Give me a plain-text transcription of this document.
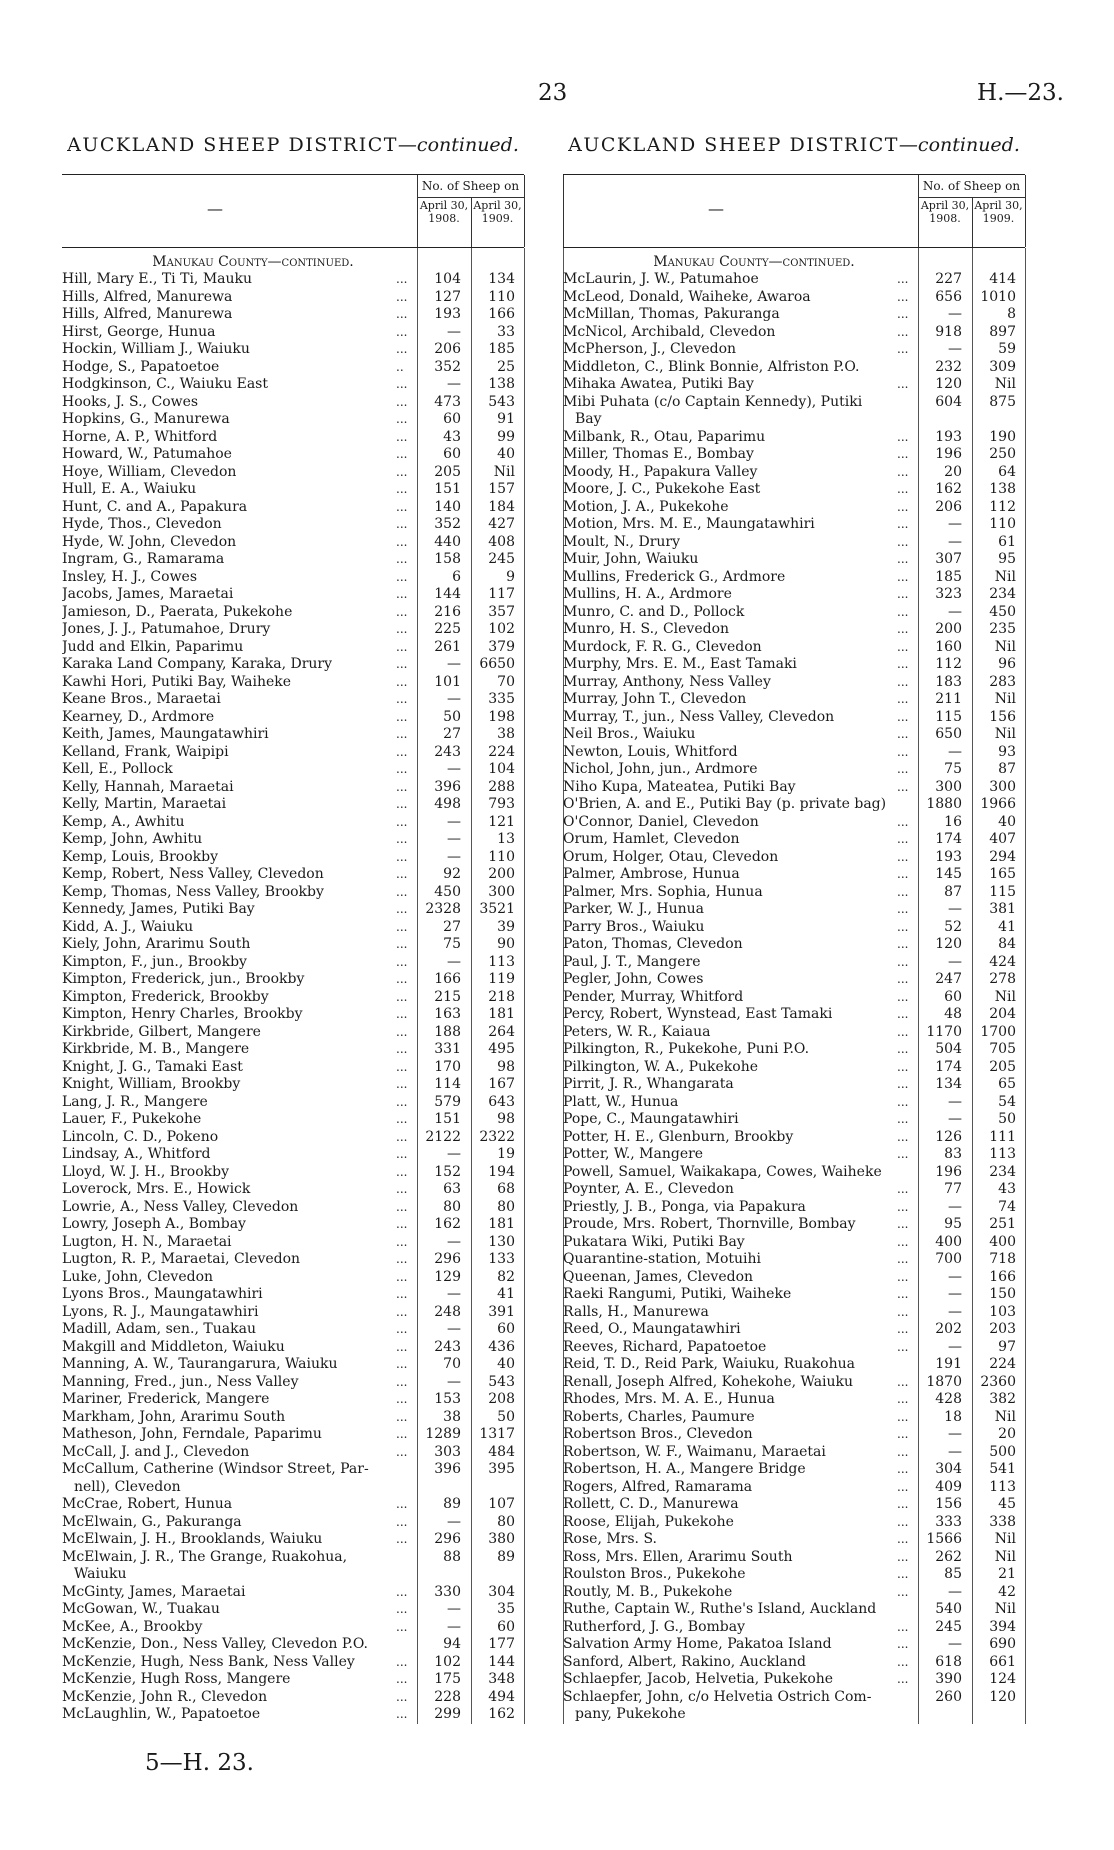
23	H.—23.
AUCKLAND SHEEP DISTRICT—continued.
—
No. of Sheep on
April 30, 1908.
April 30, 1909.
Manukau County—continued.
Hill, Mary E., Ti Ti, Mauku	...	104	134
Hills, Alfred, Manurewa	...	127	110
Hills, Alfred, Manurewa	...	193	166
Hirst, George, Hunua	...	—	33
Hockin, William J., Waiuku	...	206	185
Hodge, S., Papatoetoe	..	352	25
Hodgkinson, C., Waiuku East	...	—	138
Hooks, J. S., Cowes	...	473	543
Hopkins, G., Manurewa	...	60	91
Horne, A. P., Whitford	...	43	99
Howard, W., Patumahoe	...	60	40
Hoye, William, Clevedon	...	205	Nil
Hull, E. A., Waiuku	...	151	157
Hunt, C. and A., Papakura	...	140	184
Hyde, Thos., Clevedon	...	352	427
Hyde, W. John, Clevedon	...	440	408
Ingram, G., Ramarama	...	158	245
Insley, H. J., Cowes	...	6	9
Jacobs, James, Maraetai	...	144	117
Jamieson, D., Paerata, Pukekohe	...	216	357
Jones, J. J., Patumahoe, Drury	...	225	102
Judd and Elkin, Paparimu	...	261	379
Karaka Land Company, Karaka, Drury	...	—	6650
Kawhi Hori, Putiki Bay, Waiheke	...	101	70
Keane Bros., Maraetai	...	—	335
Kearney, D., Ardmore	...	50	198
Keith, James, Maungatawhiri	...	27	38
Kelland, Frank, Waipipi	...	243	224
Kell, E., Pollock	...	—	104
Kelly, Hannah, Maraetai	...	396	288
Kelly, Martin, Maraetai	...	498	793
Kemp, A., Awhitu	...	—	121
Kemp, John, Awhitu	...	—	13
Kemp, Louis, Brookby	...	—	110
Kemp, Robert, Ness Valley, Clevedon	...	92	200
Kemp, Thomas, Ness Valley, Brookby	...	450	300
Kennedy, James, Putiki Bay	...	2328	3521
Kidd, A. J., Waiuku	...	27	39
Kiely, John, Ararimu South	...	75	90
Kimpton, F., jun., Brookby	...	—	113
Kimpton, Frederick, jun., Brookby	...	166	119
Kimpton, Frederick, Brookby	...	215	218
Kimpton, Henry Charles, Brookby	...	163	181
Kirkbride, Gilbert, Mangere	...	188	264
Kirkbride, M. B., Mangere	...	331	495
Knight, J. G., Tamaki East	...	170	98
Knight, William, Brookby	...	114	167
Lang, J. R., Mangere	...	579	643
Lauer, F., Pukekohe	...	151	98
Lincoln, C. D., Pokeno	...	2122	2322
Lindsay, A., Whitford	...	—	19
Lloyd, W. J. H., Brookby	...	152	194
Loverock, Mrs. E., Howick	...	63	68
Lowrie, A., Ness Valley, Clevedon	...	80	80
Lowry, Joseph A., Bombay	...	162	181
Lugton, H. N., Maraetai	...	—	130
Lugton, R. P., Maraetai, Clevedon	...	296	133
Luke, John, Clevedon	...	129	82
Lyons Bros., Maungatawhiri	...	—	41
Lyons, R. J., Maungatawhiri	...	248	391
Madill, Adam, sen., Tuakau	...	—	60
Makgill and Middleton, Waiuku	...	243	436
Manning, A. W., Taurangarura, Waiuku	...	70	40
Manning, Fred., jun., Ness Valley	...	—	543
Mariner, Frederick, Mangere	...	153	208
Markham, John, Ararimu South	...	38	50
Matheson, John, Ferndale, Paparimu	...	1289	1317
McCall, J. and J., Clevedon	...	303	484
McCallum, Catherine (Windsor Street, Par-	396	395
nell), Clevedon
McCrae, Robert, Hunua	...	89	107
McElwain, G., Pakuranga	...	—	80
McElwain, J. H., Brooklands, Waiuku	...	296	380
McElwain, J. R., The Grange, Ruakohua,	88	89
Waiuku
McGinty, James, Maraetai	...	330	304
McGowan, W., Tuakau	...	—	35
McKee, A., Brookby	...	—	60
McKenzie, Don., Ness Valley, Clevedon P.O.	94	177
McKenzie, Hugh, Ness Bank, Ness Valley	...	102	144
McKenzie, Hugh Ross, Mangere	...	175	348
McKenzie, John R., Clevedon	...	228	494
McLaughlin, W., Papatoetoe	...	299	162
AUCKLAND SHEEP DISTRICT—continued.
—
No. of Sheep on
April 30, 1908.
April 30, 1909.
Manukau County—continued.
McLaurin, J. W., Patumahoe	...	227	414
McLeod, Donald, Waiheke, Awaroa	...	656	1010
McMillan, Thomas, Pakuranga	...	—	8
McNicol, Archibald, Clevedon	...	918	897
McPherson, J., Clevedon	...	—	59
Middleton, C., Blink Bonnie, Alfriston P.O.	232	309
Mihaka Awatea, Putiki Bay	...	120	Nil
Mibi Puhata (c/o Captain Kennedy), Putiki	604	875
Bay
Milbank, R., Otau, Paparimu	...	193	190
Miller, Thomas E., Bombay	...	196	250
Moody, H., Papakura Valley	...	20	64
Moore, J. C., Pukekohe East	...	162	138
Motion, J. A., Pukekohe	...	206	112
Motion, Mrs. M. E., Maungatawhiri	...	—	110
Moult, N., Drury	...	—	61
Muir, John, Waiuku	...	307	95
Mullins, Frederick G., Ardmore	...	185	Nil
Mullins, H. A., Ardmore	...	323	234
Munro, C. and D., Pollock	...	—	450
Munro, H. S., Clevedon	...	200	235
Murdock, F. R. G., Clevedon	...	160	Nil
Murphy, Mrs. E. M., East Tamaki	...	112	96
Murray, Anthony, Ness Valley	...	183	283
Murray, John T., Clevedon	...	211	Nil
Murray, T., jun., Ness Valley, Clevedon	...	115	156
Neil Bros., Waiuku	...	650	Nil
Newton, Louis, Whitford	...	—	93
Nichol, John, jun., Ardmore	...	75	87
Niho Kupa, Mateatea, Putiki Bay	...	300	300
O'Brien, A. and E., Putiki Bay (p. private bag)	1880	1966
O'Connor, Daniel, Clevedon	...	16	40
Orum, Hamlet, Clevedon	...	174	407
Orum, Holger, Otau, Clevedon	...	193	294
Palmer, Ambrose, Hunua	...	145	165
Palmer, Mrs. Sophia, Hunua	...	87	115
Parker, W. J., Hunua	...	—	381
Parry Bros., Waiuku	...	52	41
Paton, Thomas, Clevedon	...	120	84
Paul, J. T., Mangere	...	—	424
Pegler, John, Cowes	...	247	278
Pender, Murray, Whitford	...	60	Nil
Percy, Robert, Wynstead, East Tamaki	...	48	204
Peters, W. R., Kaiaua	...	1170	1700
Pilkington, R., Pukekohe, Puni P.O.	...	504	705
Pilkington, W. A., Pukekohe	...	174	205
Pirrit, J. R., Whangarata	...	134	65
Platt, W., Hunua	...	—	54
Pope, C., Maungatawhiri	...	—	50
Potter, H. E., Glenburn, Brookby	...	126	111
Potter, W., Mangere	...	83	113
Powell, Samuel, Waikakapa, Cowes, Waiheke	196	234
Poynter, A. E., Clevedon	...	77	43
Priestly, J. B., Ponga, via Papakura	...	—	74
Proude, Mrs. Robert, Thornville, Bombay	...	95	251
Pukatara Wiki, Putiki Bay	...	400	400
Quarantine-station, Motuihi	...	700	718
Queenan, James, Clevedon	...	—	166
Raeki Rangumi, Putiki, Waiheke	...	—	150
Ralls, H., Manurewa	...	—	103
Reed, O., Maungatawhiri	...	202	203
Reeves, Richard, Papatoetoe	...	—	97
Reid, T. D., Reid Park, Waiuku, Ruakohua	191	224
Renall, Joseph Alfred, Kohekohe, Waiuku	...	1870	2360
Rhodes, Mrs. M. A. E., Hunua	...	428	382
Roberts, Charles, Paumure	...	18	Nil
Robertson Bros., Clevedon	...	—	20
Robertson, W. F., Waimanu, Maraetai	...	—	500
Robertson, H. A., Mangere Bridge	...	304	541
Rogers, Alfred, Ramarama	...	409	113
Rollett, C. D., Manurewa	...	156	45
Roose, Elijah, Pukekohe	...	333	338
Rose, Mrs. S.	...	1566	Nil
Ross, Mrs. Ellen, Ararimu South	...	262	Nil
Roulston Bros., Pukekohe	...	85	21
Routly, M. B., Pukekohe	...	—	42
Ruthe, Captain W., Ruthe's Island, Auckland	540	Nil
Rutherford, J. G., Bombay	...	245	394
Salvation Army Home, Pakatoa Island	...	—	690
Sanford, Albert, Rakino, Auckland	...	618	661
Schlaepfer, Jacob, Helvetia, Pukekohe	...	390	124
Schlaepfer, John, c/o Helvetia Ostrich Com-	260	120
pany, Pukekohe
5—H. 23.
